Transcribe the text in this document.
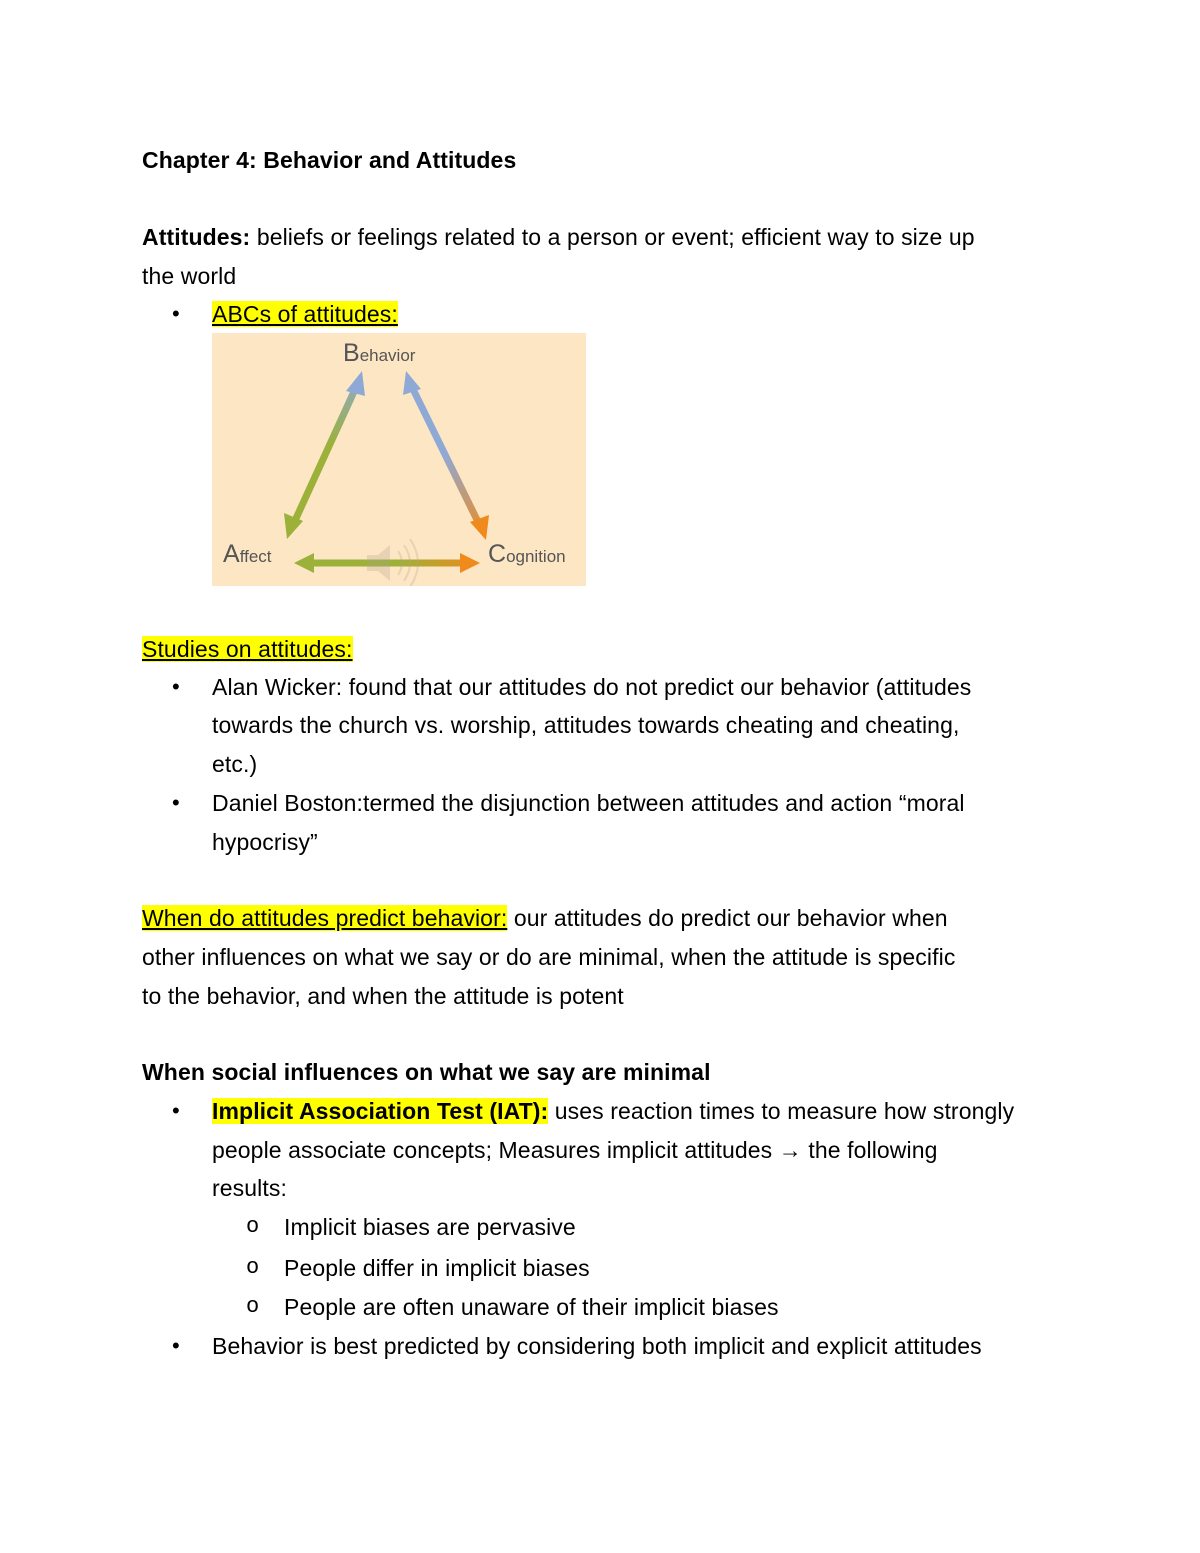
Chapter 4: Behavior and Attitudes
Attitudes: beliefs or feelings related to a person or event; efficient way to size up
the world
• ABCs of attitudes:
Behavior
Affect	Cognition
Studies on attitudes:
• Alan Wicker: found that our attitudes do not predict our behavior (attitudes
towards the church vs. worship, attitudes towards cheating and cheating,
etc.)
• Daniel Boston:termed the disjunction between attitudes and action “moral
hypocrisy”
When do attitudes predict behavior: our attitudes do predict our behavior when
other influences on what we say or do are minimal, when the attitude is specific
to the behavior, and when the attitude is potent
When social influences on what we say are minimal
• Implicit Association Test (IAT): uses reaction times to measure how strongly
people associate concepts; Measures implicit attitudes → the following
results:
o Implicit biases are pervasive
o People differ in implicit biases
o People are often unaware of their implicit biases
• Behavior is best predicted by considering both implicit and explicit attitudes
